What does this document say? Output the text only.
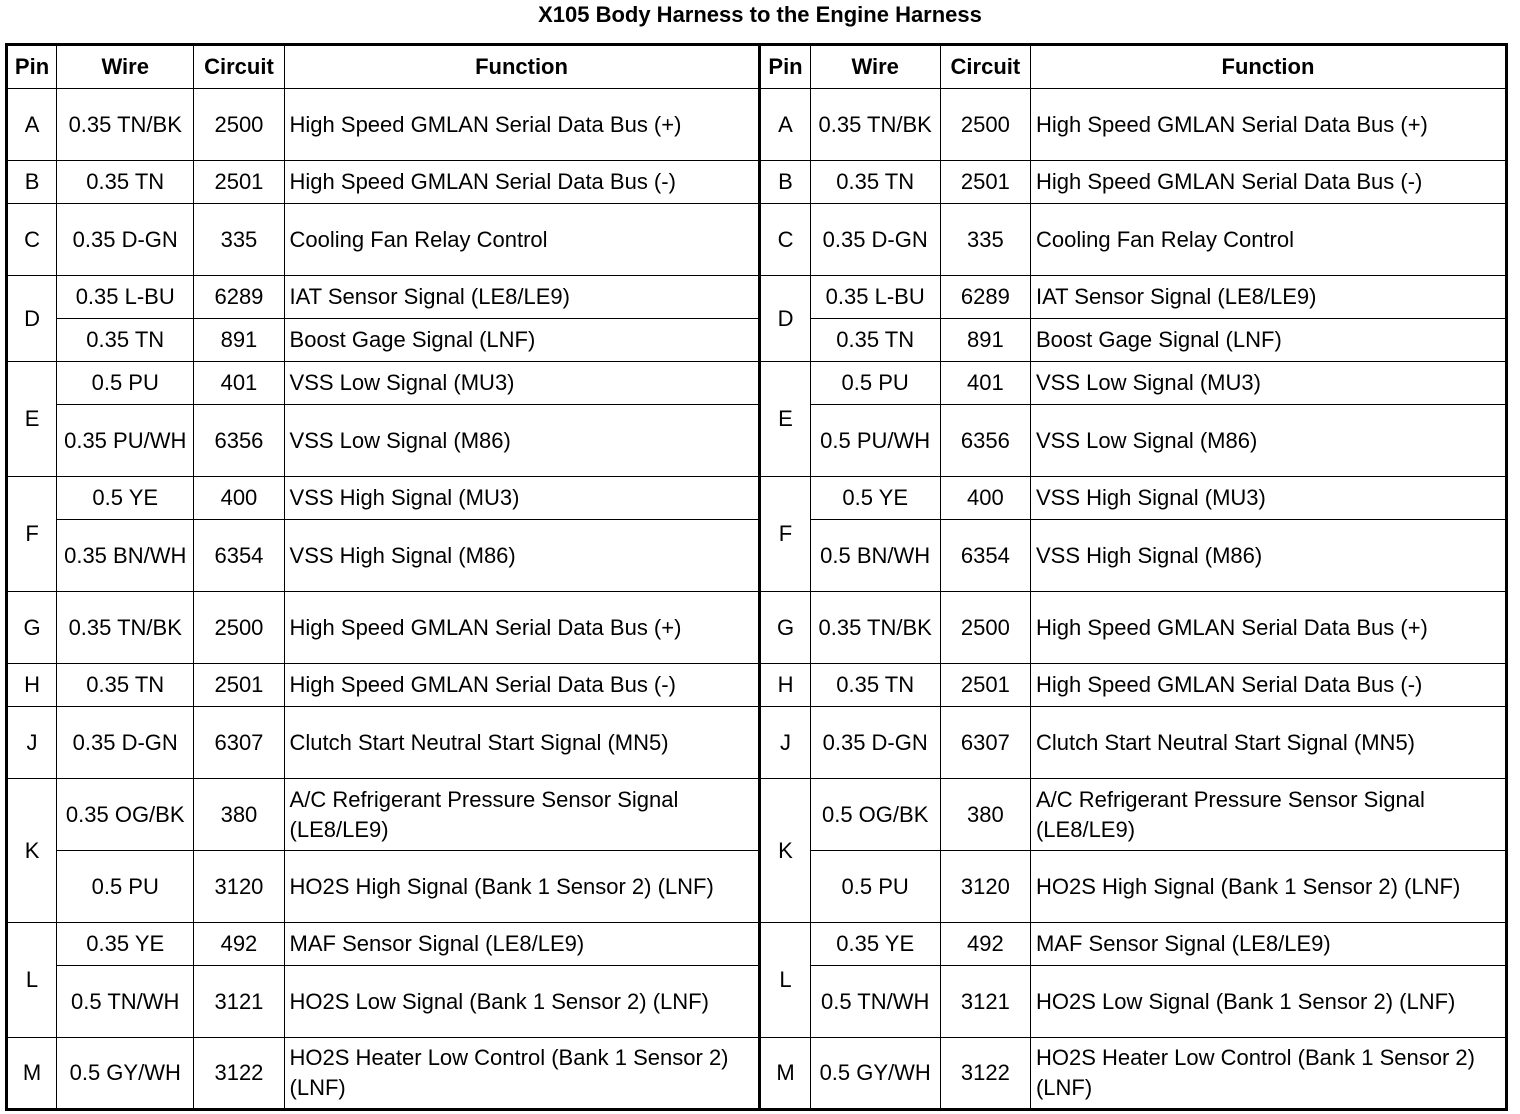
X105 Body Harness to the Engine Harness
Pin	Wire	Circuit	Function	Pin	Wire	Circuit	Function
A	0.35 TN/BK	2500	High Speed GMLAN Serial Data Bus (+)	A	0.35 TN/BK	2500	High Speed GMLAN Serial Data Bus (+)
B	0.35 TN	2501	High Speed GMLAN Serial Data Bus (-)	B	0.35 TN	2501	High Speed GMLAN Serial Data Bus (-)
C	0.35 D-GN	335	Cooling Fan Relay Control	C	0.35 D-GN	335	Cooling Fan Relay Control
D	0.35 L-BU	6289	IAT Sensor Signal (LE8/LE9)	D	0.35 L-BU	6289	IAT Sensor Signal (LE8/LE9)
	0.35 TN	891	Boost Gage Signal (LNF)		0.35 TN	891	Boost Gage Signal (LNF)
E	0.5 PU	401	VSS Low Signal (MU3)	E	0.5 PU	401	VSS Low Signal (MU3)
	0.35 PU/WH	6356	VSS Low Signal (M86)		0.5 PU/WH	6356	VSS Low Signal (M86)
F	0.5 YE	400	VSS High Signal (MU3)	F	0.5 YE	400	VSS High Signal (MU3)
	0.35 BN/WH	6354	VSS High Signal (M86)		0.5 BN/WH	6354	VSS High Signal (M86)
G	0.35 TN/BK	2500	High Speed GMLAN Serial Data Bus (+)	G	0.35 TN/BK	2500	High Speed GMLAN Serial Data Bus (+)
H	0.35 TN	2501	High Speed GMLAN Serial Data Bus (-)	H	0.35 TN	2501	High Speed GMLAN Serial Data Bus (-)
J	0.35 D-GN	6307	Clutch Start Neutral Start Signal (MN5)	J	0.35 D-GN	6307	Clutch Start Neutral Start Signal (MN5)
K	0.35 OG/BK	380	A/C Refrigerant Pressure Sensor Signal (LE8/LE9)	K	0.5 OG/BK	380	A/C Refrigerant Pressure Sensor Signal (LE8/LE9)
	0.5 PU	3120	HO2S High Signal (Bank 1 Sensor 2) (LNF)		0.5 PU	3120	HO2S High Signal (Bank 1 Sensor 2) (LNF)
L	0.35 YE	492	MAF Sensor Signal (LE8/LE9)	L	0.35 YE	492	MAF Sensor Signal (LE8/LE9)
	0.5 TN/WH	3121	HO2S Low Signal (Bank 1 Sensor 2) (LNF)		0.5 TN/WH	3121	HO2S Low Signal (Bank 1 Sensor 2) (LNF)
M	0.5 GY/WH	3122	HO2S Heater Low Control (Bank 1 Sensor 2) (LNF)	M	0.5 GY/WH	3122	HO2S Heater Low Control (Bank 1 Sensor 2) (LNF)
